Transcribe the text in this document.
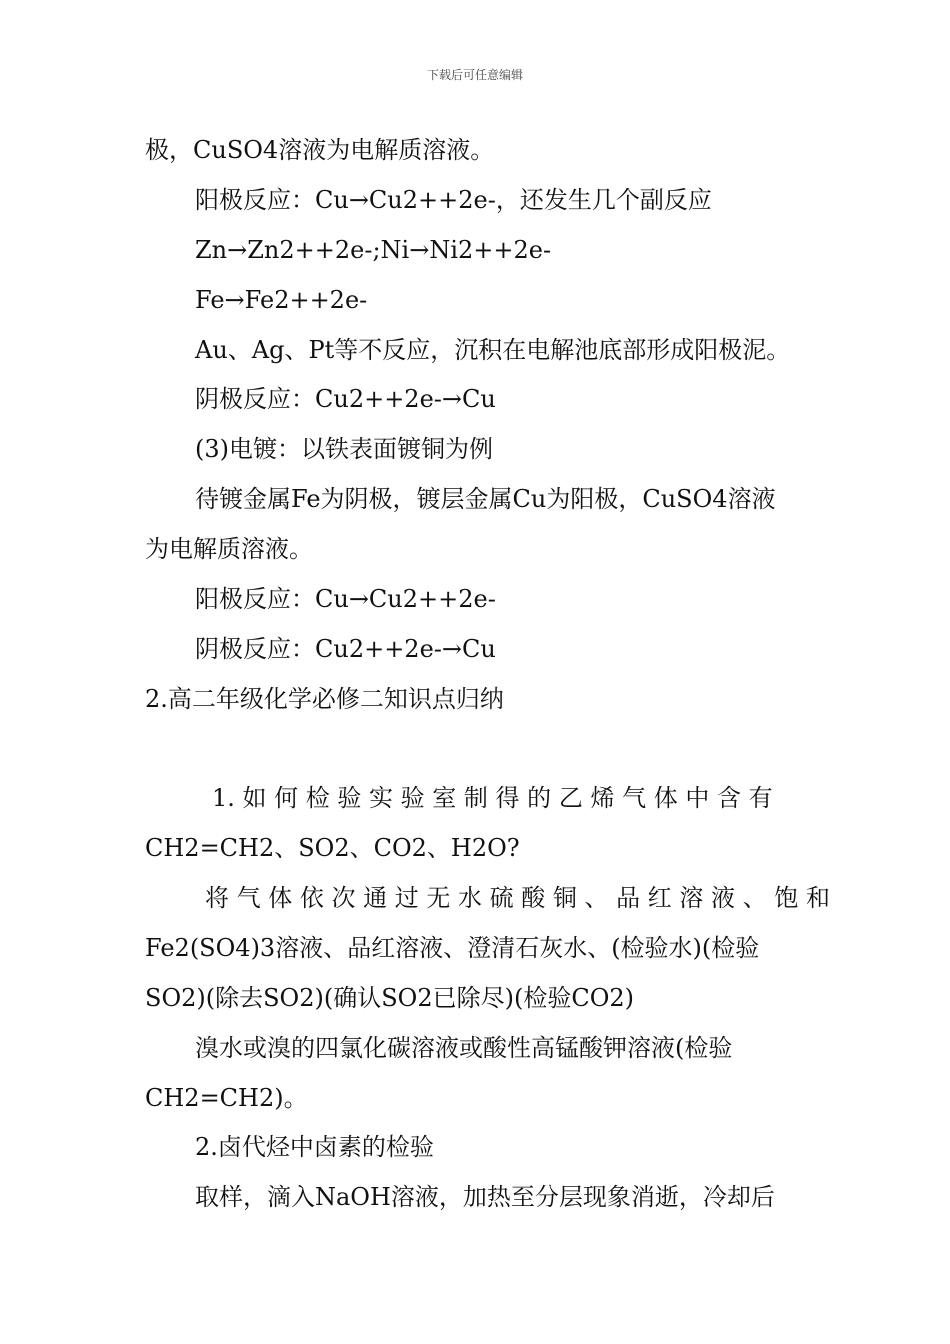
下载后可任意编辑
极，CuSO4溶液为电解质溶液。
阳极反应：Cu→Cu2++2e-，还发生几个副反应
Zn→Zn2++2e-;Ni→Ni2++2e-
Fe→Fe2++2e-
Au、Ag、Pt等不反应，沉积在电解池底部形成阳极泥。
阴极反应：Cu2++2e-→Cu
(3)电镀：以铁表面镀铜为例
待镀金属Fe为阴极，镀层金属Cu为阳极，CuSO4溶液
为电解质溶液。
阳极反应：Cu→Cu2++2e-
阴极反应：Cu2++2e-→Cu
2.高二年级化学必修二知识点归纳
1. 如 何 检 验 实 验 室 制 得 的 乙 烯 气 体 中 含 有
CH2=CH2、SO2、CO2、H2O?
将 气 体 依 次 通 过 无 水 硫 酸 铜 、 品 红 溶 液 、 饱 和
Fe2(SO4)3溶液、品红溶液、澄清石灰水、(检验水)(检验
SO2)(除去SO2)(确认SO2已除尽)(检验CO2)
溴水或溴的四氯化碳溶液或酸性高锰酸钾溶液(检验
CH2=CH2)。
2.卤代烃中卤素的检验
取样，滴入NaOH溶液，加热至分层现象消逝，冷却后
